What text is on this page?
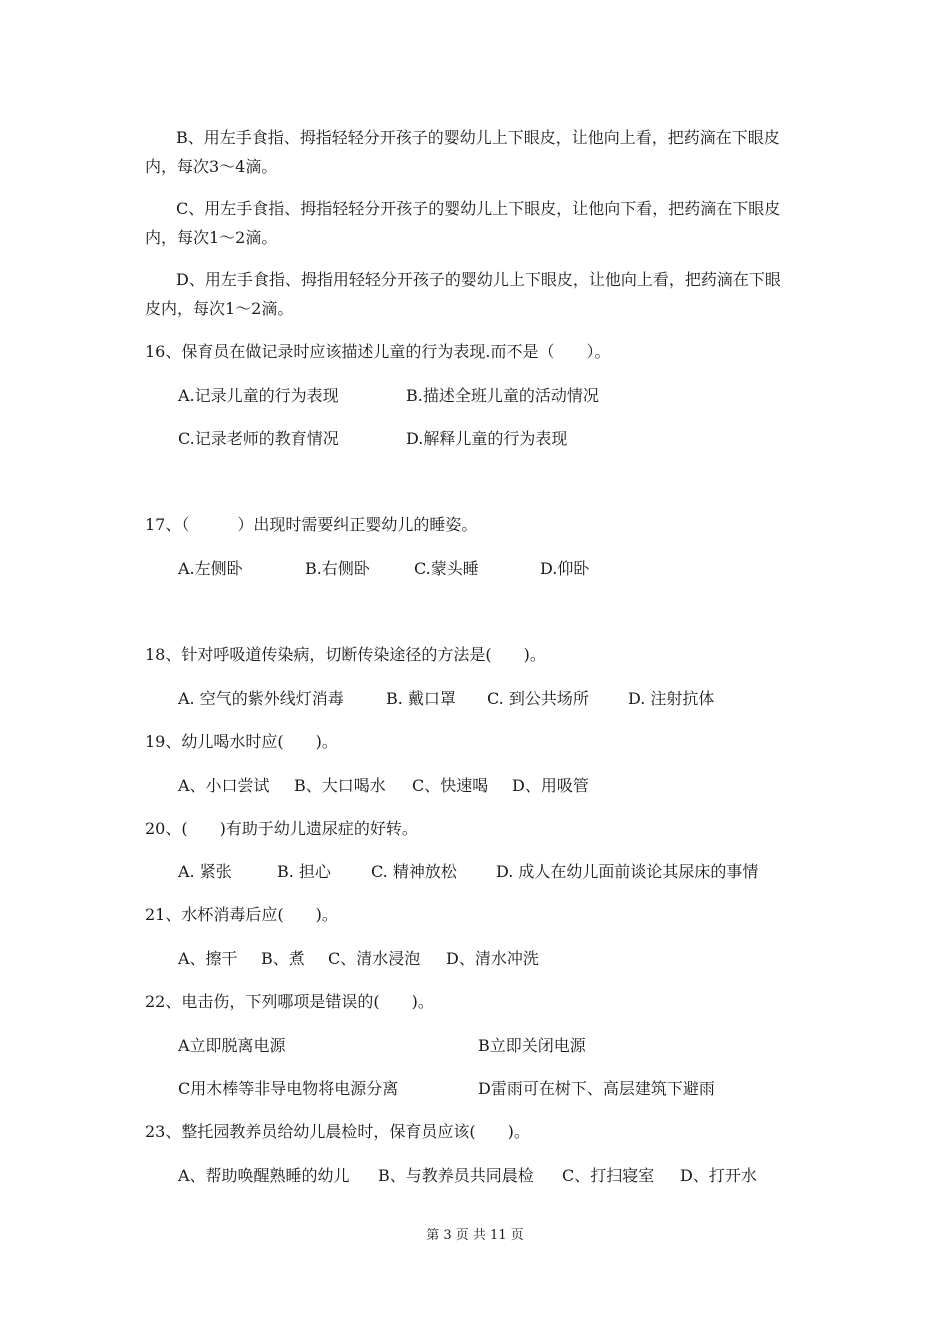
B、用左手食指、拇指轻轻分开孩子的婴幼儿上下眼皮，让他向上看，把药滴在下眼皮
内，每次3～4滴。
C、用左手食指、拇指轻轻分开孩子的婴幼儿上下眼皮，让他向下看，把药滴在下眼皮
内，每次1～2滴。
D、用左手食指、拇指用轻轻分开孩子的婴幼儿上下眼皮，让他向上看，把药滴在下眼
皮内，每次1～2滴。
16、保育员在做记录时应该描述儿童的行为表现.而不是（　　）。
A.记录儿童的行为表现	B.描述全班儿童的活动情况
C.记录老师的教育情况	D.解释儿童的行为表现
17、（　　　）出现时需要纠正婴幼儿的睡姿。
A.左侧卧	B.右侧卧	C.蒙头睡	D.仰卧
18、针对呼吸道传染病，切断传染途径的方法是(　　)。
A. 空气的紫外线灯消毒	B. 戴口罩 C. 到公共场所 D. 注射抗体
19、幼儿喝水时应(　　)。
A、小口尝试 B、大口喝水 C、快速喝 D、用吸管
20、(　　)有助于幼儿遗尿症的好转。
A. 紧张	B. 担心	C. 精神放松 D. 成人在幼儿面前谈论其尿床的事情
21、水杯消毒后应(　　)。
A、擦干 B、煮 C、清水浸泡 D、清水冲洗
22、电击伤，下列哪项是错误的(　　)。
A立即脱离电源	B立即关闭电源
C用木棒等非导电物将电源分离	D雷雨可在树下、高层建筑下避雨
23、整托园教养员给幼儿晨检时，保育员应该(　　)。
A、帮助唤醒熟睡的幼儿 B、与教养员共同晨检 C、打扫寝室 D、打开水
第 3 页 共 11 页
